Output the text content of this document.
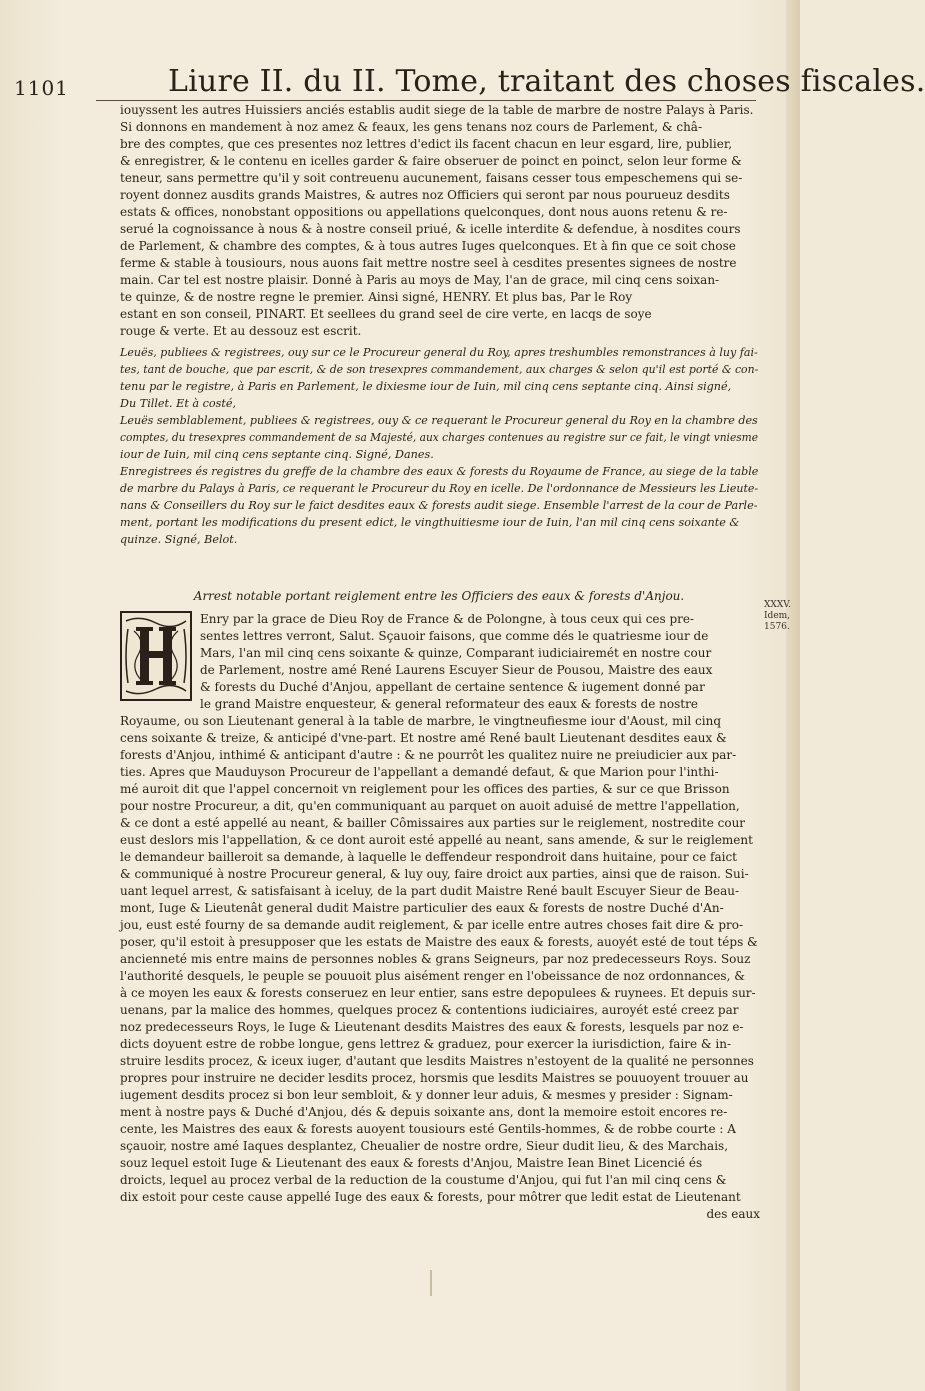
1101	Liure II. du II. Tome, traitant des choses fiscales.
iouyssent les autres Huissiers anciés establis audit siege de la table de marbre de nostre Palays à Paris.
Si donnons en mandement à noz amez & feaux, les gens tenans noz cours de Parlement, & châ-
bre des comptes, que ces presentes noz lettres d'edict ils facent chacun en leur esgard, lire, publier,
& enregistrer, & le contenu en icelles garder & faire obseruer de poinct en poinct, selon leur forme &
teneur, sans permettre qu'il y soit contreuenu aucunement, faisans cesser tous empeschemens qui se-
royent donnez ausdits grands Maistres, & autres noz Officiers qui seront par nous pourueuz desdits
estats & offices, nonobstant oppositions ou appellations quelconques, dont nous auons retenu & re-
serué la cognoissance à nous & à nostre conseil priué, & icelle interdite & defendue, à nosdites cours
de Parlement, & chambre des comptes, & à tous autres Iuges quelconques. Et à fin que ce soit chose
ferme & stable à tousiours, nous auons fait mettre nostre seel à cesdites presentes signees de nostre
main. Car tel est nostre plaisir. Donné à Paris au moys de May, l'an de grace, mil cinq cens soixan-
te quinze, & de nostre regne le premier. Ainsi signé, HENRY. Et plus bas, Par le Roy
estant en son conseil, PINART. Et seellees du grand seel de cire verte, en lacqs de soye
rouge & verte. Et au dessouz est escrit.
Leuës, publiees & registrees, ouy sur ce le Procureur general du Roy, apres treshumbles remonstrances à luy fai-
tes, tant de bouche, que par escrit, & de son tresexpres commandement, aux charges & selon qu'il est porté & con-
tenu par le registre, à Paris en Parlement, le dixiesme iour de Iuin, mil cinq cens septante cinq. Ainsi signé,
Du Tillet. Et à costé,
Leuës semblablement, publiees & registrees, ouy & ce requerant le Procureur general du Roy en la chambre des
comptes, du tresexpres commandement de sa Majesté, aux charges contenues au registre sur ce fait, le vingt vniesme
iour de Iuin, mil cinq cens septante cinq. Signé, Danes.
Enregistrees és registres du greffe de la chambre des eaux & forests du Royaume de France, au siege de la table
de marbre du Palays à Paris, ce requerant le Procureur du Roy en icelle. De l'ordonnance de Messieurs les Lieute-
nans & Conseillers du Roy sur le faict desdites eaux & forests audit siege. Ensemble l'arrest de la cour de Parle-
ment, portant les modifications du present edict, le vingthuitiesme iour de Iuin, l'an mil cinq cens soixante &
quinze. Signé, Belot.
Arrest notable portant reiglement entre les Officiers des eaux & forests d'Anjou.
XXXV.
Idem, 1576.
Enry par la grace de Dieu Roy de France & de Polongne, à tous ceux qui ces pre-
sentes lettres verront, Salut. Sçauoir faisons, que comme dés le quatriesme iour de
Mars, l'an mil cinq cens soixante & quinze, Comparant iudiciairemét en nostre cour
de Parlement, nostre amé René Laurens Escuyer Sieur de Pousou, Maistre des eaux
& forests du Duché d'Anjou, appellant de certaine sentence & iugement donné par
le grand Maistre enquesteur, & general reformateur des eaux & forests de nostre
Royaume, ou son Lieutenant general à la table de marbre, le vingtneufiesme iour d'Aoust, mil cinq
cens soixante & treize, & anticipé d'vne-part. Et nostre amé René bault Lieutenant desdites eaux &
forests d'Anjou, inthimé & anticipant d'autre : & ne pourrôt les qualitez nuire ne preiudicier aux par-
ties. Apres que Mauduyson Procureur de l'appellant a demandé defaut, & que Marion pour l'inthi-
mé auroit dit que l'appel concernoit vn reiglement pour les offices des parties, & sur ce que Brisson
pour nostre Procureur, a dit, qu'en communiquant au parquet on auoit aduisé de mettre l'appellation,
& ce dont a esté appellé au neant, & bailler Cômissaires aux parties sur le reiglement, nostredite cour
eust deslors mis l'appellation, & ce dont auroit esté appellé au neant, sans amende, & sur le reiglement
le demandeur bailleroit sa demande, à laquelle le deffendeur respondroit dans huitaine, pour ce faict
& communiqué à nostre Procureur general, & luy ouy, faire droict aux parties, ainsi que de raison. Sui-
uant lequel arrest, & satisfaisant à iceluy, de la part dudit Maistre René bault Escuyer Sieur de Beau-
mont, Iuge & Lieutenât general dudit Maistre particulier des eaux & forests de nostre Duché d'An-
jou, eust esté fourny de sa demande audit reiglement, & par icelle entre autres choses fait dire & pro-
poser, qu'il estoit à presupposer que les estats de Maistre des eaux & forests, auoyét esté de tout téps &
ancienneté mis entre mains de personnes nobles & grans Seigneurs, par noz predecesseurs Roys. Souz
l'authorité desquels, le peuple se pouuoit plus aisément renger en l'obeissance de noz ordonnances, &
à ce moyen les eaux & forests conseruez en leur entier, sans estre depopulees & ruynees. Et depuis sur-
uenans, par la malice des hommes, quelques procez & contentions iudiciaires, auroyét esté creez par
noz predecesseurs Roys, le Iuge & Lieutenant desdits Maistres des eaux & forests, lesquels par noz e-
dicts doyuent estre de robbe longue, gens lettrez & graduez, pour exercer la iurisdiction, faire & in-
struire lesdits procez, & iceux iuger, d'autant que lesdits Maistres n'estoyent de la qualité ne personnes
propres pour instruire ne decider lesdits procez, horsmis que lesdits Maistres se pouuoyent trouuer au
iugement desdits procez si bon leur sembloit, & y donner leur aduis, & mesmes y presider : Signam-
ment à nostre pays & Duché d'Anjou, dés & depuis soixante ans, dont la memoire estoit encores re-
cente, les Maistres des eaux & forests auoyent tousiours esté Gentils-hommes, & de robbe courte : A
sçauoir, nostre amé Iaques desplantez, Cheualier de nostre ordre, Sieur dudit lieu, & des Marchais,
souz lequel estoit Iuge & Lieutenant des eaux & forests d'Anjou, Maistre Iean Binet Licencié és
droicts, lequel au procez verbal de la reduction de la coustume d'Anjou, qui fut l'an mil cinq cens &
dix estoit pour ceste cause appellé Iuge des eaux & forests, pour môtrer que ledit estat de Lieutenant
des eaux
